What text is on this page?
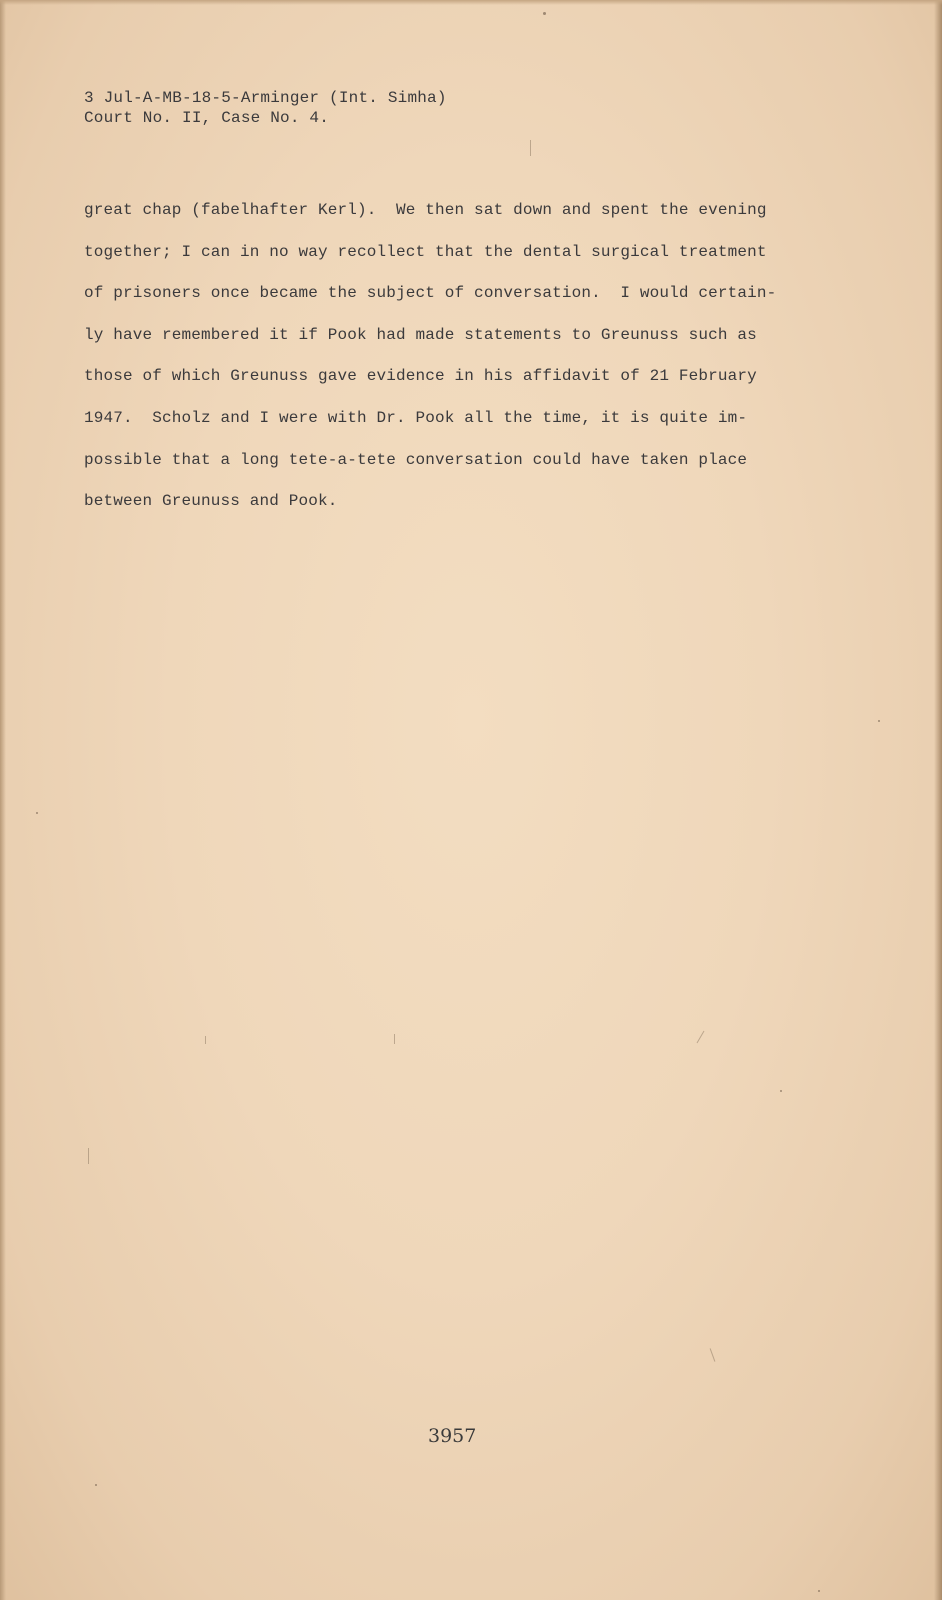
3 Jul-A-MB-18-5-Arminger (Int. Simha)
Court No. II, Case No. 4.
great chap (fabelhafter Kerl).  We then sat down and spent the evening
together; I can in no way recollect that the dental surgical treatment
of prisoners once became the subject of conversation.  I would certain-
ly have remembered it if Pook had made statements to Greunuss such as
those of which Greunuss gave evidence in his affidavit of 21 February
1947.  Scholz and I were with Dr. Pook all the time, it is quite im-
possible that a long tete-a-tete conversation could have taken place
between Greunuss and Pook.
3957
